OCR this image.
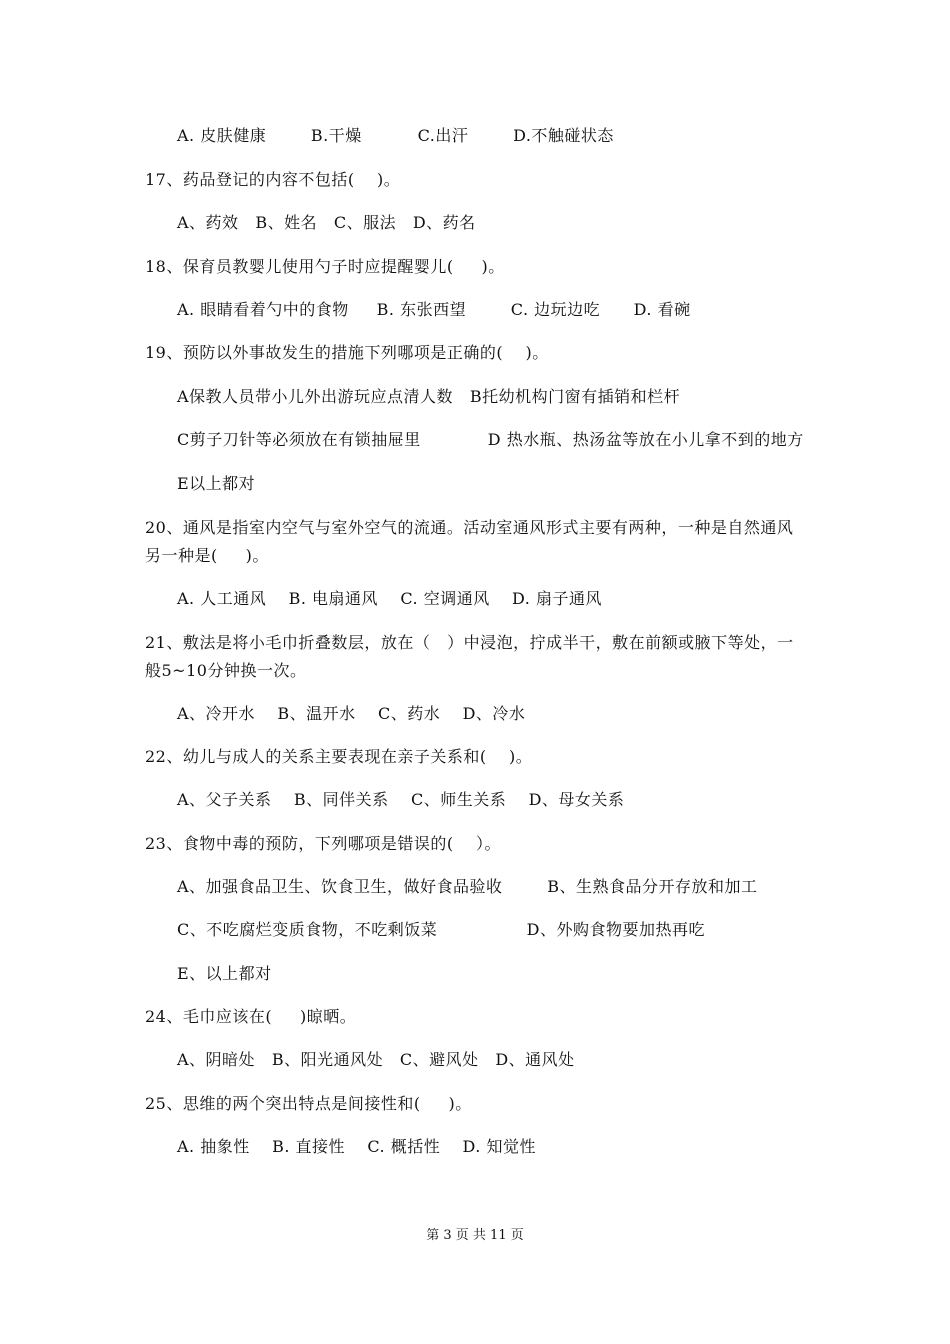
A. 皮肤健康        B.干燥          C.出汗        D.不触碰状态
17、药品登记的内容不包括(    )。
A、药效   B、姓名   C、服法   D、药名
18、保育员教婴儿使用勺子时应提醒婴儿(     )。
A. 眼睛看着勺中的食物     B. 东张西望        C. 边玩边吃      D. 看碗
19、预防以外事故发生的措施下列哪项是正确的(    )。
A保教人员带小儿外出游玩应点清人数   B托幼机构门窗有插销和栏杆
C剪子刀针等必须放在有锁抽屉里            D 热水瓶、热汤盆等放在小儿拿不到的地方
E以上都对
20、通风是指室内空气与室外空气的流通。活动室通风形式主要有两种，一种是自然通风
另一种是(     )。
A. 人工通风    B. 电扇通风    C. 空调通风    D. 扇子通风
21、敷法是将小毛巾折叠数层，放在（   ）中浸泡，拧成半干，敷在前额或腋下等处，一
般5~10分钟换一次。
A、冷开水    B、温开水    C、药水    D、冷水
22、幼儿与成人的关系主要表现在亲子关系和(    )。
A、父子关系    B、同伴关系    C、师生关系    D、母女关系
23、食物中毒的预防，下列哪项是错误的(    ）。
A、加强食品卫生、饮食卫生，做好食品验收        B、生熟食品分开存放和加工
C、不吃腐烂变质食物，不吃剩饭菜                D、外购食物要加热再吃
E、以上都对
24、毛巾应该在(     )晾晒。
A、阴暗处   B、阳光通风处   C、避风处   D、通风处
25、思维的两个突出特点是间接性和(     )。
A. 抽象性    B. 直接性    C. 概括性    D. 知觉性
第 3 页 共 11 页
